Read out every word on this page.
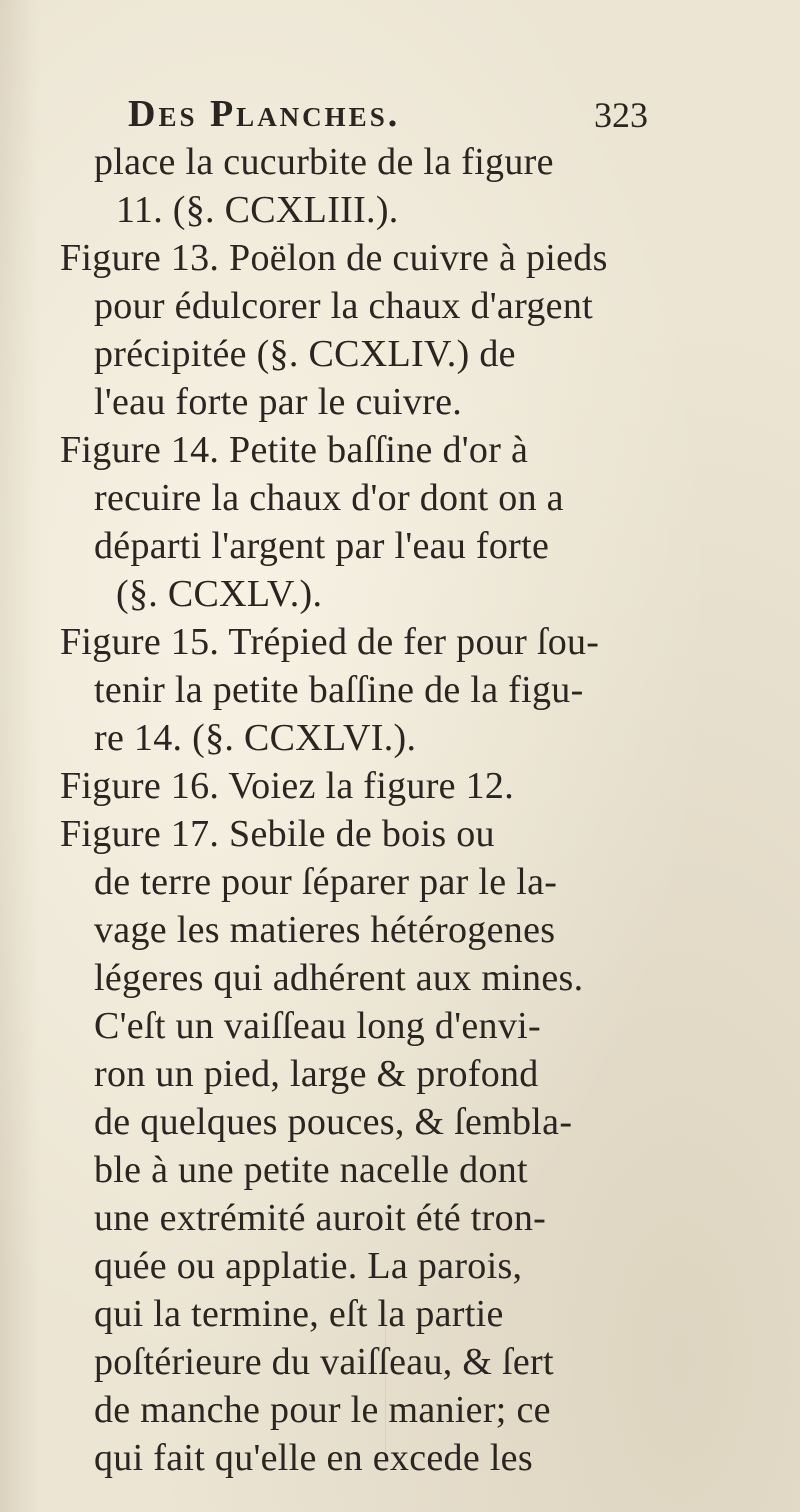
Des Planches.	323
place la cucurbite de la figure
11. (§. CCXLIII.).
Figure 13. Poëlon de cuivre à pieds
pour édulcorer la chaux d'argent
précipitée (§. CCXLIV.) de
l'eau forte par le cuivre.
Figure 14. Petite baſſine d'or à
recuire la chaux d'or dont on a
départi l'argent par l'eau forte
(§. CCXLV.).
Figure 15. Trépied de fer pour ſou-
tenir la petite baſſine de la figu-
re 14. (§. CCXLVI.).
Figure 16. Voiez la figure 12.
Figure 17. Sebile de bois ou
de terre pour ſéparer par le la-
vage les matieres hétérogenes
légeres qui adhérent aux mines.
C'eſt un vaiſſeau long d'envi-
ron un pied, large & profond
de quelques pouces, & ſembla-
ble à une petite nacelle dont
une extrémité auroit été tron-
quée ou applatie. La parois,
qui la termine, eſt la partie
poſtérieure du vaiſſeau, & ſert
de manche pour le manier; ce
qui fait qu'elle en excede les
